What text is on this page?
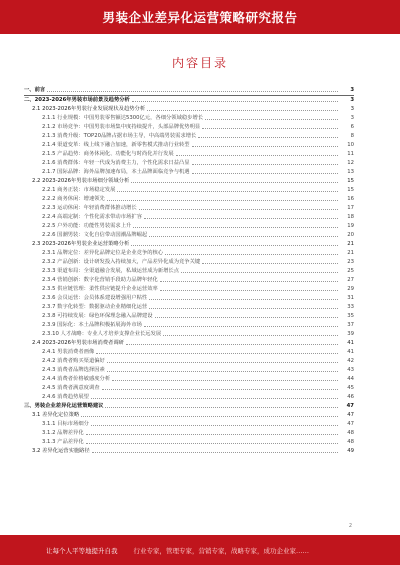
男装企业差异化运营策略研究报告
内容目录
一、前言	3
二、2023-2026年男装市场前景及趋势分析	3
2.1 2023-2026年男装行业发展现状及趋势分析	3
2.1.1 行业规模：中国男装零售额达5300亿元，各细分领域稳步增长	3
2.1.2 市场竞争：中国男装市场集中度持续提升，头部品牌优势明显	6
2.1.3 消费升级：TOP20品牌占据市场主导，中高端男装需求增长	8
2.1.4 渠道变革：线上线下融合加速，新零售模式推动行业转型	10
2.1.5 产品趋势：商务休闲化、功能化与时尚化并行发展	11
2.1.6 消费群体：年轻一代成为消费主力，个性化需求日益凸显	12
2.1.7 国际品牌：海外品牌加速布局，本土品牌面临竞争与机遇	13
2.2 2023-2026年男装市场细分领域分析	15
2.2.1 商务正装：市场稳定发展	15
2.2.2 商务休闲：增速领先	16
2.2.3 运动休闲：年轻消费群体推动增长	17
2.2.4 高端定制：个性化需求带动市场扩容	18
2.2.5 户外功能：功能性男装需求上升	19
2.2.6 国潮男装：文化自信带动国潮品牌崛起	20
2.3 2023-2026年男装企业运营策略分析	21
2.3.1 品牌定位：差异化品牌定位是企业竞争的核心	21
2.3.2 产品创新：设计研发投入持续加大，产品差异化成为竞争关键	23
2.3.3 渠道布局：全渠道融合发展，私域运营成为新增长点	25
2.3.4 营销创新：数字化营销手段助力品牌年轻化	27
2.3.5 供应链管理：柔性供应链提升企业运营效率	29
2.3.6 会员运营：会员体系建设增强用户粘性	31
2.3.7 数字化转型：数据驱动企业精细化运营	33
2.3.8 可持续发展：绿色环保理念融入品牌建设	35
2.3.9 国际化：本土品牌积极拓展海外市场	37
2.3.10 人才战略：专业人才培养支撑企业长远发展	39
2.4 2023-2026年男装市场消费者调研	41
2.4.1 男装消费者画像	41
2.4.2 消费者购买渠道偏好	42
2.4.3 消费者品牌选择因素	43
2.4.4 消费者价格敏感度分析	44
2.4.5 消费者满意度调查	45
2.4.6 消费趋势展望	46
三、男装企业差异化运营策略建议	47
3.1 差异化定位策略	47
3.1.1 目标市场细分	47
3.1.2 品牌差异化	48
3.1.3 产品差异化	48
3.2 差异化运营实施路径	49
2
让每个人平等地提升自我 行业专家，管理专家，营销专家，战略专家，成功企业家……
